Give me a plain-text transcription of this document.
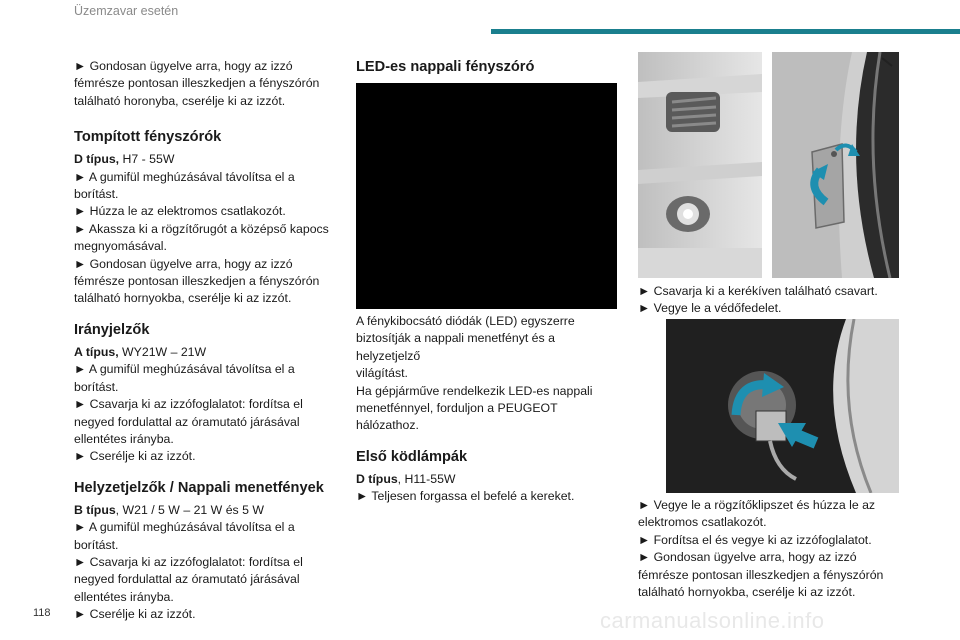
Üzemzavar esetén

► Gondosan ügyelve arra, hogy az izzó

fémrésze pontosan illeszkedjen a fényszórón

található horonyba, cserélje ki az izzót.

Tompított fényszórók

D típus, H7 - 55W

► A gumifül meghúzásával távolítsa el a

borítást.

► Húzza le az elektromos csatlakozót.

► Akassza ki a rögzítőrugót a középső kapocs

megnyomásával.

► Gondosan ügyelve arra, hogy az izzó

fémrésze pontosan illeszkedjen a fényszórón

található hornyokba, cserélje ki az izzót.

Irányjelzők

A típus, WY21W – 21W

► A gumifül meghúzásával távolítsa el a

borítást.

► Csavarja ki az izzófoglalatot: fordítsa el

negyed fordulattal az óramutató járásával

ellentétes irányba.

► Cserélje ki az izzót.

Helyzetjelzők / Nappali menetfények

B típus, W21 / 5 W – 21 W és 5 W

► A gumifül meghúzásával távolítsa el a

borítást.

► Csavarja ki az izzófoglalatot: fordítsa el

negyed fordulattal az óramutató járásával

ellentétes irányba.

► Cserélje ki az izzót.

LED-es nappali fényszóró

A fénykibocsátó diódák (LED) egyszerre

biztosítják a nappali menetfényt és a helyzetjelző

világítást.

Ha gépjárműve rendelkezik LED-es nappali

menetfénnyel, forduljon a PEUGEOT hálózathoz.

Első ködlámpák

D típus, H11-55W

► Teljesen forgassa el befelé a kereket.

► Csavarja ki a kerékíven található csavart.

► Vegye le a védőfedelet.

► Vegye le a rögzítőklipszet és húzza le az

elektromos csatlakozót.

► Fordítsa el és vegye ki az izzófoglalatot.

► Gondosan ügyelve arra, hogy az izzó

fémrésze pontosan illeszkedjen a fényszórón

található hornyokba, cserélje ki az izzót.

118	carmanualsonline.info
